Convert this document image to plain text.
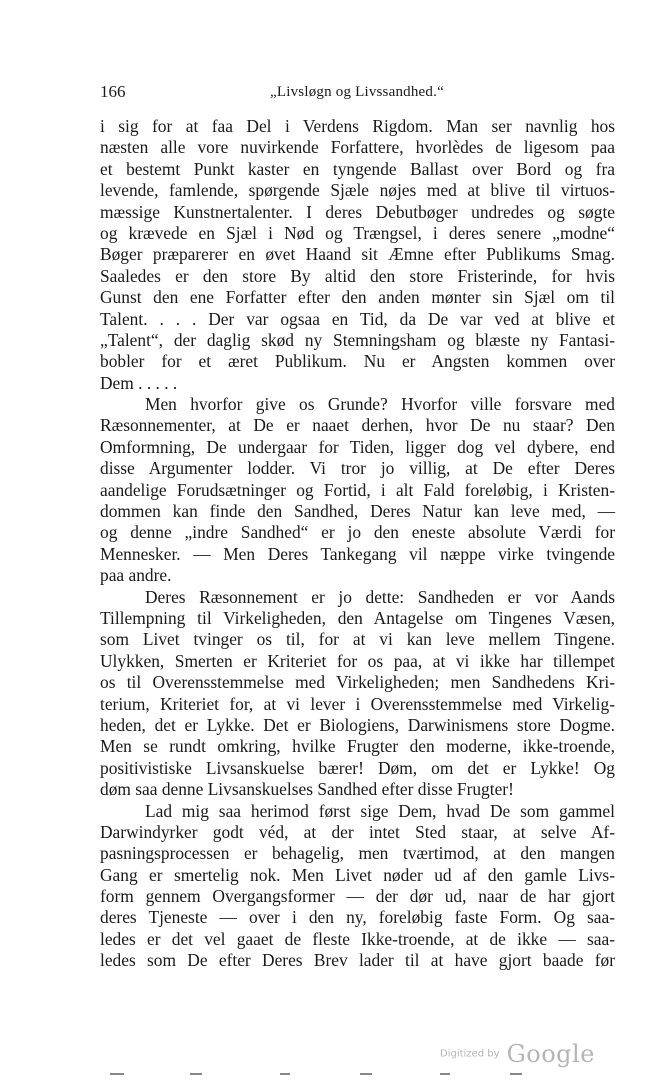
166	„Livsløgn og Livssandhed.“
i sig for at faa Del i Verdens Rigdom. Man ser navnlig hos
næsten alle vore nuvirkende Forfattere, hvorlèdes de ligesom paa
et bestemt Punkt kaster en tyngende Ballast over Bord og fra
levende, famlende, spørgende Sjæle nøjes med at blive til virtuos-
mæssige Kunstnertalenter. I deres Debutbøger undredes og søgte
og krævede en Sjæl i Nød og Trængsel, i deres senere „modne“
Bøger præparerer en øvet Haand sit Æmne efter Publikums Smag.
Saaledes er den store By altid den store Fristerinde, for hvis
Gunst den ene Forfatter efter den anden mønter sin Sjæl om til
Talent. . . . Der var ogsaa en Tid, da De var ved at blive et
„Talent“, der daglig skød ny Stemningsham og blæste ny Fantasi-
bobler for et æret Publikum. Nu er Angsten kommen over
Dem . . . . .
Men hvorfor give os Grunde? Hvorfor ville forsvare med
Ræsonnementer, at De er naaet derhen, hvor De nu staar? Den
Omformning, De undergaar for Tiden, ligger dog vel dybere, end
disse Argumenter lodder. Vi tror jo villig, at De efter Deres
aandelige Forudsætninger og Fortid, i alt Fald foreløbig, i Kristen-
dommen kan finde den Sandhed, Deres Natur kan leve med, —
og denne „indre Sandhed“ er jo den eneste absolute Værdi for
Mennesker. — Men Deres Tankegang vil næppe virke tvingende
paa andre.
Deres Ræsonnement er jo dette: Sandheden er vor Aands
Tillempning til Virkeligheden, den Antagelse om Tingenes Væsen,
som Livet tvinger os til, for at vi kan leve mellem Tingene.
Ulykken, Smerten er Kriteriet for os paa, at vi ikke har tillempet
os til Overensstemmelse med Virkeligheden; men Sandhedens Kri-
terium, Kriteriet for, at vi lever i Overensstemmelse med Virkelig-
heden, det er Lykke. Det er Biologiens, Darwinismens store Dogme.
Men se rundt omkring, hvilke Frugter den moderne, ikke-troende,
positivistiske Livsanskuelse bærer! Døm, om det er Lykke! Og
døm saa denne Livsanskuelses Sandhed efter disse Frugter!
Lad mig saa herimod først sige Dem, hvad De som gammel
Darwindyrker godt véd, at der intet Sted staar, at selve Af-
pasningsprocessen er behagelig, men tværtimod, at den mangen
Gang er smertelig nok. Men Livet nøder ud af den gamle Livs-
form gennem Overgangsformer — der dør ud, naar de har gjort
deres Tjeneste — over i den ny, foreløbig faste Form. Og saa-
ledes er det vel gaaet de fleste Ikke-troende, at de ikke — saa-
ledes som De efter Deres Brev lader til at have gjort baade før
Digitized by Google
